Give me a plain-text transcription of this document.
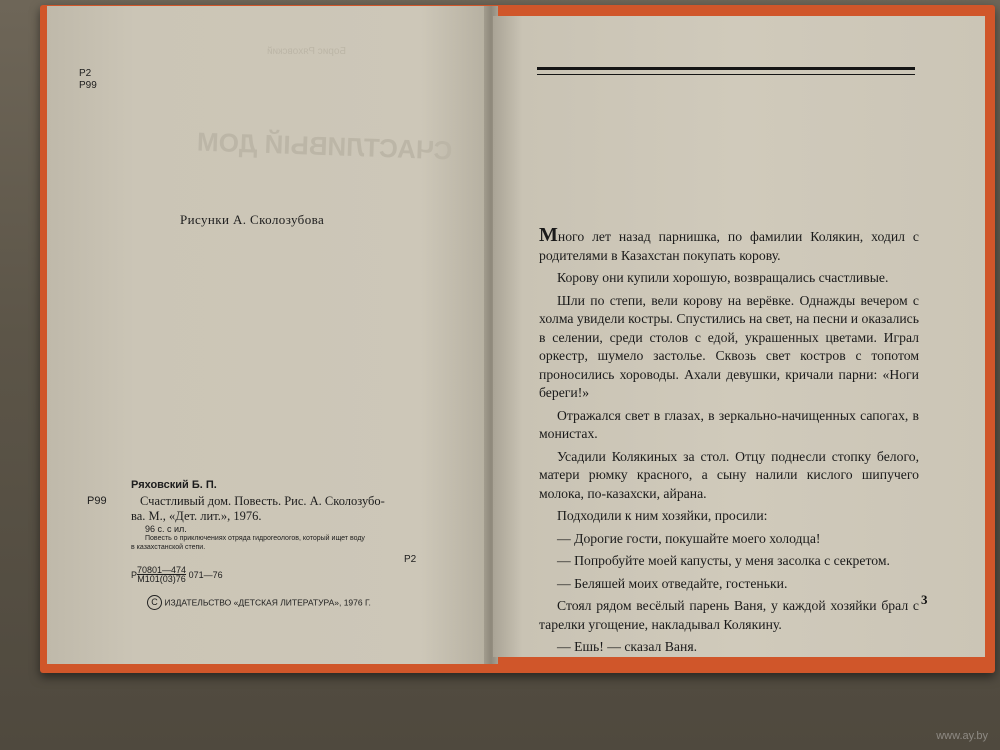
СЧАСТЛИВЫЙ ДОМ
Борис Ряховский
Р2
Р99
Рисунки А. Сколозубова
Ряховский Б. П.
Р99	Счастливый дом. Повесть. Рис. А. Сколозубо-
ва. М., «Дет. лит.», 1976.
96 с. с ил.
Повесть о приключениях отряда гидрогеологов, который ищет воду
в казахстанской степи.
Р 70801—474
М101(03)76 071—76
Р2
C ИЗДАТЕЛЬСТВО «ДЕТСКАЯ ЛИТЕРАТУРА», 1976 Г.

Много лет назад парнишка, по фамилии Колякин, ходил с родителями в Казахстан покупать корову.

Корову они купили хорошую, возвращались счастливые.

Шли по степи, вели корову на верёвке. Однажды вечером с холма увидели костры. Спустились на свет, на песни и оказались в селении, среди столов с едой, украшенных цветами. Играл оркестр, шумело застолье. Сквозь свет костров с топотом проносились хороводы. Ахали девушки, кричали парни: «Ноги береги!»

Отражался свет в глазах, в зеркально-начищенных сапогах, в монистах.

Усадили Колякиных за стол. Отцу поднесли стопку белого, матери рюмку красного, а сыну налили кислого шипучего молока, по-казахски, айрана.

Подходили к ним хозяйки, просили:

— Дорогие гости, покушайте моего холодца!

— Попробуйте моей капусты, у меня засолка с секретом.

— Беляшей моих отведайте, гостеньки.

Стоял рядом весёлый парень Ваня, у каждой хозяйки брал с тарелки угощение, накладывал Колякину.

— Ешь! — сказал Ваня.

3
www.ay.by
